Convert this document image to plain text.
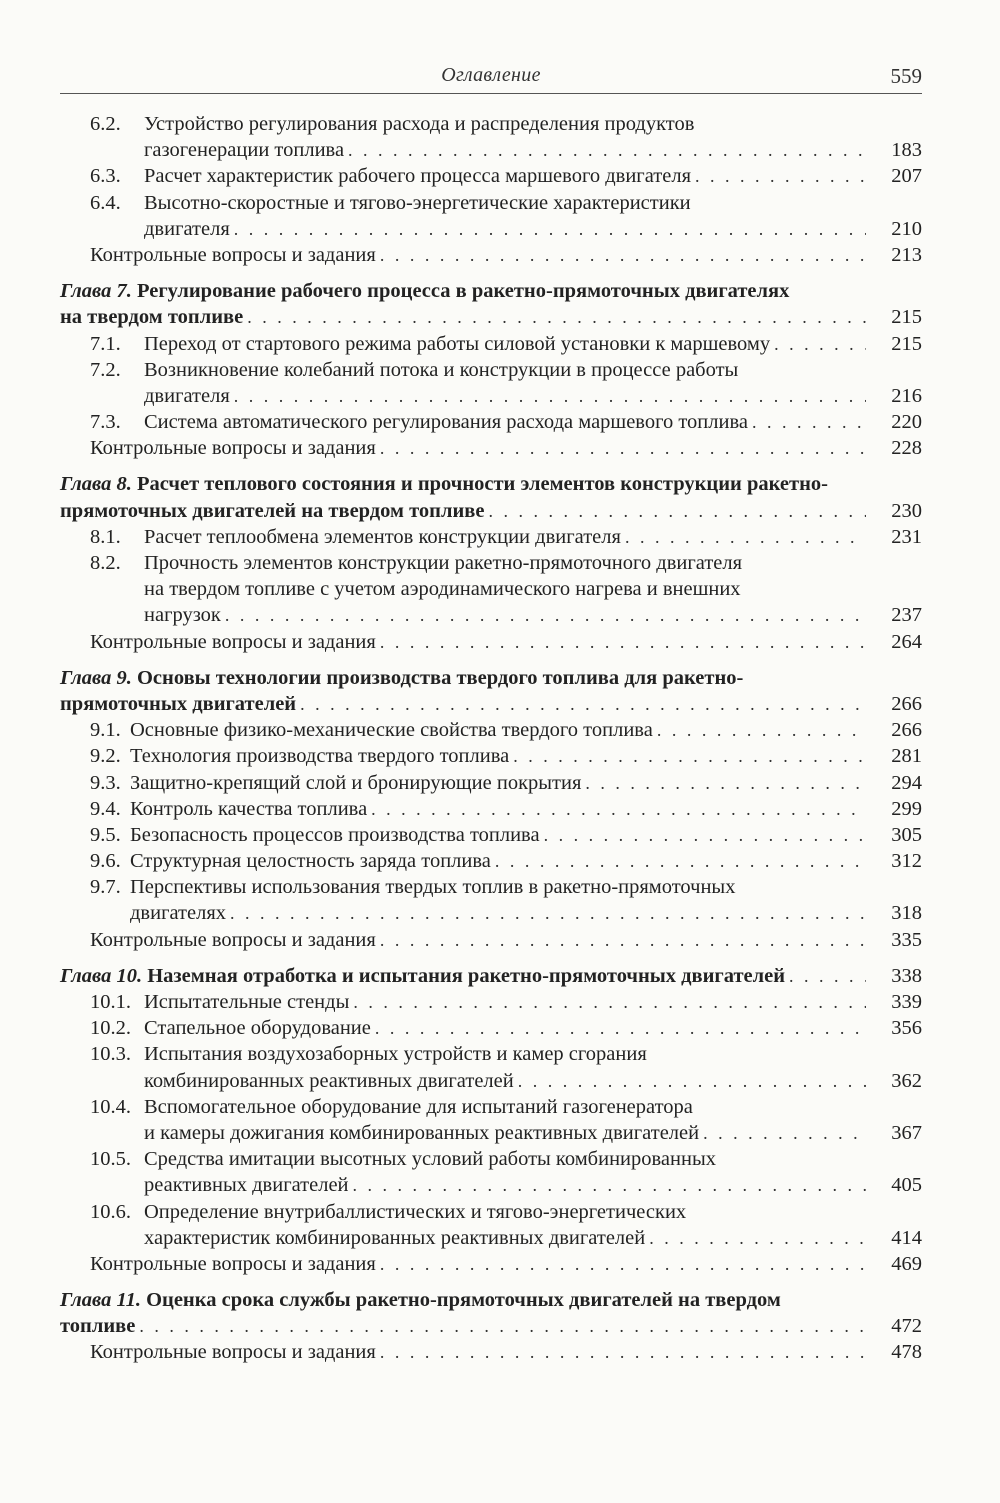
Оглавление	559
6.2.	Устройство регулирования расхода и распределения продуктов
газогенерации топлива . . .	183
6.3.	Расчет характеристик рабочего процесса маршевого двигателя . . .	207
6.4.	Высотно-скоростные и тягово-энергетические характеристики
двигателя . . .	210
Контрольные вопросы и задания . . .	213
Глава 7.
Регулирование рабочего процесса в ракетно-прямоточных двигателях
на твердом топливе . . .	215
7.1.	Переход от стартового режима работы силовой установки к маршевому . . .	215
7.2.	Возникновение колебаний потока и конструкции в процессе работы
двигателя . . .	216
7.3.	Система автоматического регулирования расхода маршевого топлива . . .	220
Контрольные вопросы и задания . . .	228
Глава 8.
Расчет теплового состояния и прочности элементов конструкции ракетно-
прямоточных двигателей на твердом топливе . . .	230
8.1.	Расчет теплообмена элементов конструкции двигателя . . .	231
8.2.	Прочность элементов конструкции ракетно-прямоточного двигателя
на твердом топливе с учетом аэродинамического нагрева и внешних
нагрузок . . .	237
Контрольные вопросы и задания . . .	264
Глава 9.
Основы технологии производства твердого топлива для ракетно-
прямоточных двигателей . . .	266
9.1. Основные физико-механические свойства твердого топлива . . .	266
9.2. Технология производства твердого топлива . . .	281
9.3. Защитно-крепящий слой и бронирующие покрытия . . .	294
9.4. Контроль качества топлива . . .	299
9.5. Безопасность процессов производства топлива . . .	305
9.6. Структурная целостность заряда топлива . . .	312
9.7. Перспективы использования твердых топлив в ракетно-прямоточных
двигателях . . .	318
Контрольные вопросы и задания . . .	335
Глава 10.
Наземная отработка и испытания ракетно-прямоточных двигателей . . .	338
10.1. Испытательные стенды . . .	339
10.2. Стапельное оборудование . . .	356
10.3. Испытания воздухозаборных устройств и камер сгорания
комбинированных реактивных двигателей . . .	362
10.4. Вспомогательное оборудование для испытаний газогенератора
и камеры дожигания комбинированных реактивных двигателей . . .	367
10.5. Средства имитации высотных условий работы комбинированных
реактивных двигателей . . .	405
10.6. Определение внутрибаллистических и тягово-энергетических
характеристик комбинированных реактивных двигателей . . .	414
Контрольные вопросы и задания . . .	469
Глава 11.
Оценка срока службы ракетно-прямоточных двигателей на твердом
топливе . . .	472
Контрольные вопросы и задания . . .	478
